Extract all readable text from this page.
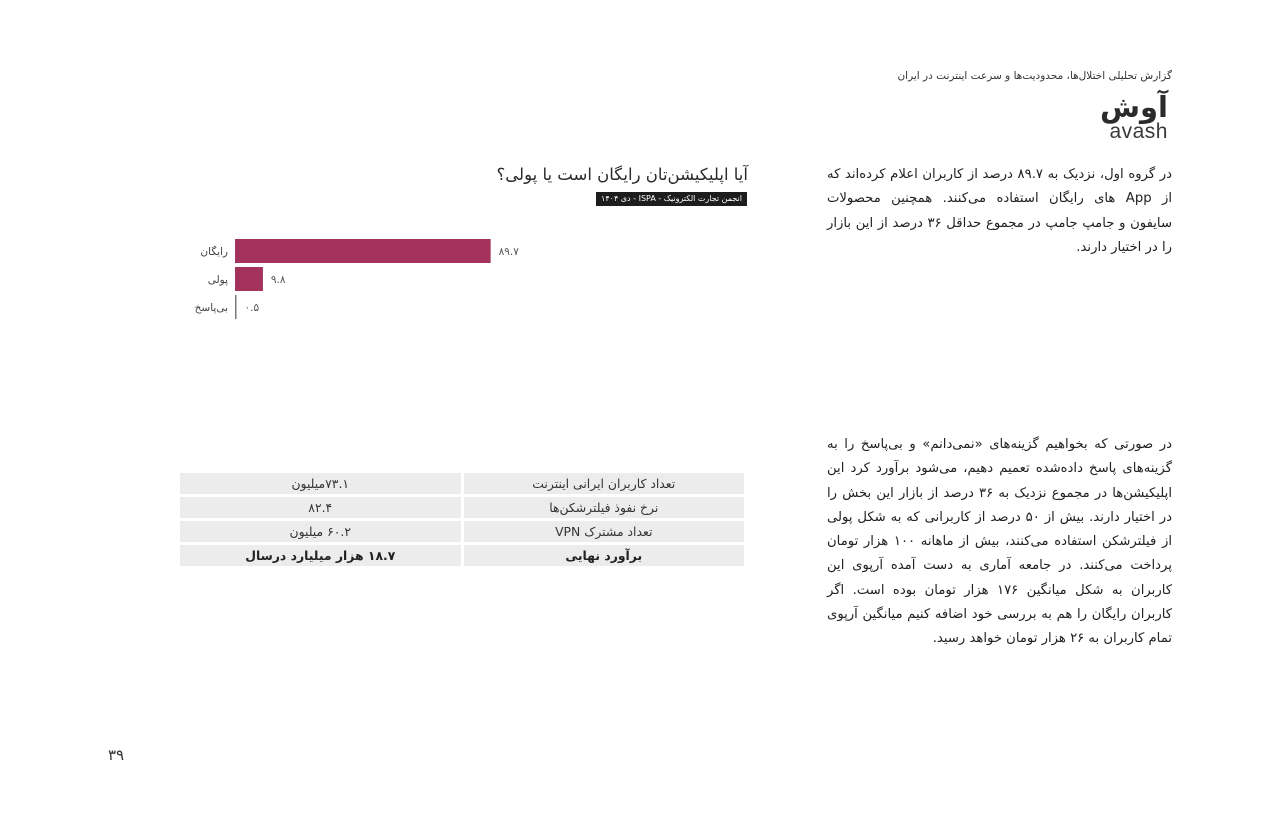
گزارش تحلیلی اختلال‌ها، محدودیت‌ها و سرعت اینترنت در ایران
آوش
avash
در گروه اول، نزدیک به ۸۹.۷ درصد از کاربران اعلام کرده‌اند که از App های رایگان استفاده می‌کنند. همچنین محصولات سایفون و جامپ جامپ در مجموع حداقل ۳۶ درصد از این بازار را در اختیار دارند.
در صورتی که بخواهیم گزینه‌های «نمی‌دانم» و بی‌پاسخ را به گزینه‌های پاسخ داده‌شده تعمیم دهیم، می‌شود برآورد کرد این اپلیکیشن‌ها در مجموع نزدیک به ۳۶ درصد از بازار این بخش را در اختیار دارند. بیش از ۵۰ درصد از کاربرانی که به شکل پولی از فیلترشکن استفاده می‌کنند، بیش از ماهانه ۱۰۰ هزار تومان پرداخت می‌کنند. در جامعه آماری به دست آمده آرپوی این کاربران به شکل میانگین ۱۷۶ هزار تومان بوده است. اگر کاربران رایگان را هم به بررسی خود اضافه کنیم میانگین آرپوی تمام کاربران به ۲۶ هزار تومان خواهد رسید.
آیا اپلیکیشن‌تان رایگان است یا پولی؟
انجمن تجارت الکترونیک - ISPA - دی ۱۴۰۴
رایگان	۸۹.۷
پولی	۹.۸
بی‌پاسخ ۰.۵
تعداد کاربران ایرانی اینترنت	۷۳.۱میلیون
نرخ نفوذ فیلترشکن‌ها	۸۲.۴
تعداد مشترک VPN	۶۰.۲ میلیون
برآورد نهایی	۱۸.۷ هزار میلیارد درسال
۳۹
